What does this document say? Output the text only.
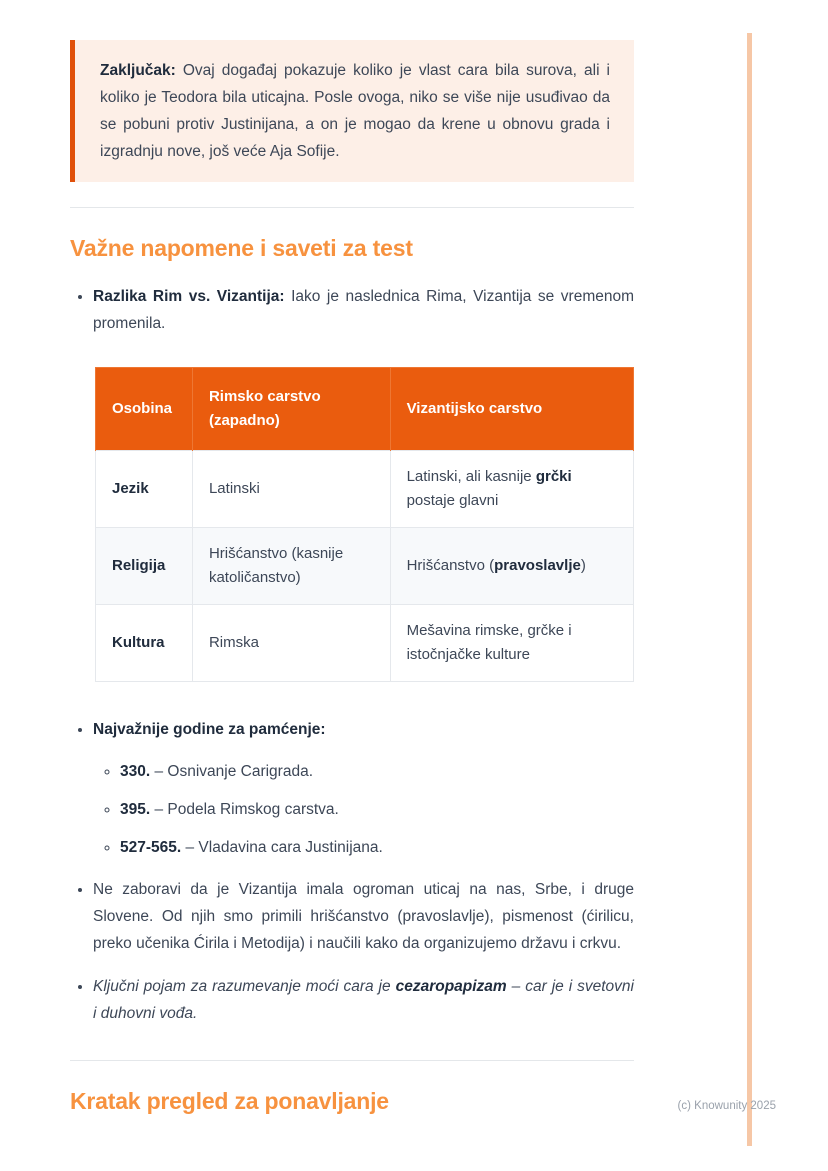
Zaključak: Ovaj događaj pokazuje koliko je vlast cara bila surova, ali i koliko je Teodora bila uticajna. Posle ovoga, niko se više nije usuđivao da se pobuni protiv Justinijana, a on je mogao da krene u obnovu grada i izgradnju nove, još veće Aja Sofije.

Važne napomene i saveti za test
• Razlika Rim vs. Vizantija: Iako je naslednica Rima, Vizantija se vremenom promenila.
Osobina	Rimsko carstvo (zapadno)	Vizantijsko carstvo
Jezik	Latinski	Latinski, ali kasnije grčki postaje glavni
Religija	Hrišćanstvo (kasnije katoličanstvo)	Hrišćanstvo (pravoslavlje)
Kultura	Rimska	Mešavina rimske, grčke i istočnjačke kulture
• Najvažnije godine za pamćenje:
◦ 330. – Osnivanje Carigrada.
◦ 395. – Podela Rimskog carstva.
◦ 527-565. – Vladavina cara Justinijana.
• Ne zaboravi da je Vizantija imala ogroman uticaj na nas, Srbe, i druge Slovene. Od njih smo primili hrišćanstvo (pravoslavlje), pismenost (ćirilicu, preko učenika Ćirila i Metodija) i naučili kako da organizujemo državu i crkvu.
• Ključni pojam za razumevanje moći cara je cezaropapizam – car je i svetovni i duhovni vođa.
Kratak pregled za ponavljanje	(c) Knowunity 2025
